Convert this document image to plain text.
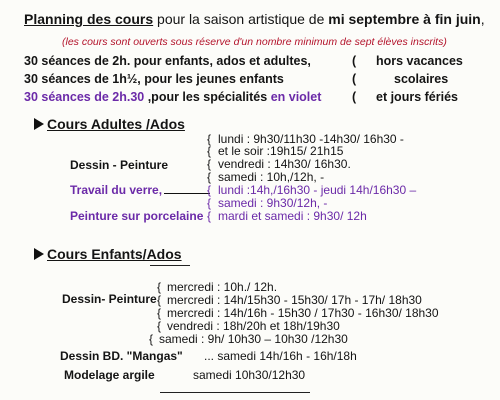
Planning des cours pour la saison artistique de mi septembre à fin juin,
(les cours sont ouverts sous réserve d'un nombre minimum de sept élèves inscrits)
30 séances de 2h. pour enfants, ados et adultes,	( hors vacances
30 séances de 1h½, pour les jeunes enfants	(	scolaires
30 séances de 2h.30 ,pour les spécialités en violet ( et jours fériés
Cours Adultes /Ados
Dessin - Peinture
{ lundi : 9h30/11h30 -14h30/ 16h30 -
{ et le soir :19h15/ 21h15
{ vendredi : 14h30/ 16h30.
{ samedi : 10h,/12h, -
Travail du verre,	{ lundi :14h,/16h30 - jeudi 14h/16h30 –
{ samedi : 9h30/12h, -
Peinture sur porcelaine { mardi et samedi : 9h30/ 12h
Cours Enfants/Ados
Dessin- Peinture
{ mercredi : 10h./ 12h.
{ mercredi : 14h/15h30 - 15h30/ 17h - 17h/ 18h30
{ mercredi : 14h/16h - 15h30 / 17h30 - 16h30/ 18h30
{ vendredi : 18h/20h et 18h/19h30
{ samedi : 9h/ 10h30 – 10h30 /12h30
Dessin BD. "Mangas" ... samedi 14h/16h - 16h/18h
Modelage argile	samedi 10h30/12h30
